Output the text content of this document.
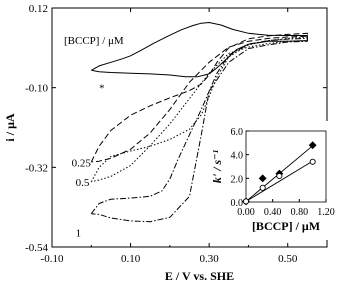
-0.10	0.10	0.30	0.50
0.12
-0.10
-0.32
-0.54
E / V vs. SHE
i / μA
[BCCP] / μM
*
0.25
0.5
1
0.00 0.40 0.80 1.20
0.0
2.0
4.0
6.0
[BCCP] / μM
k' / s⁻¹
